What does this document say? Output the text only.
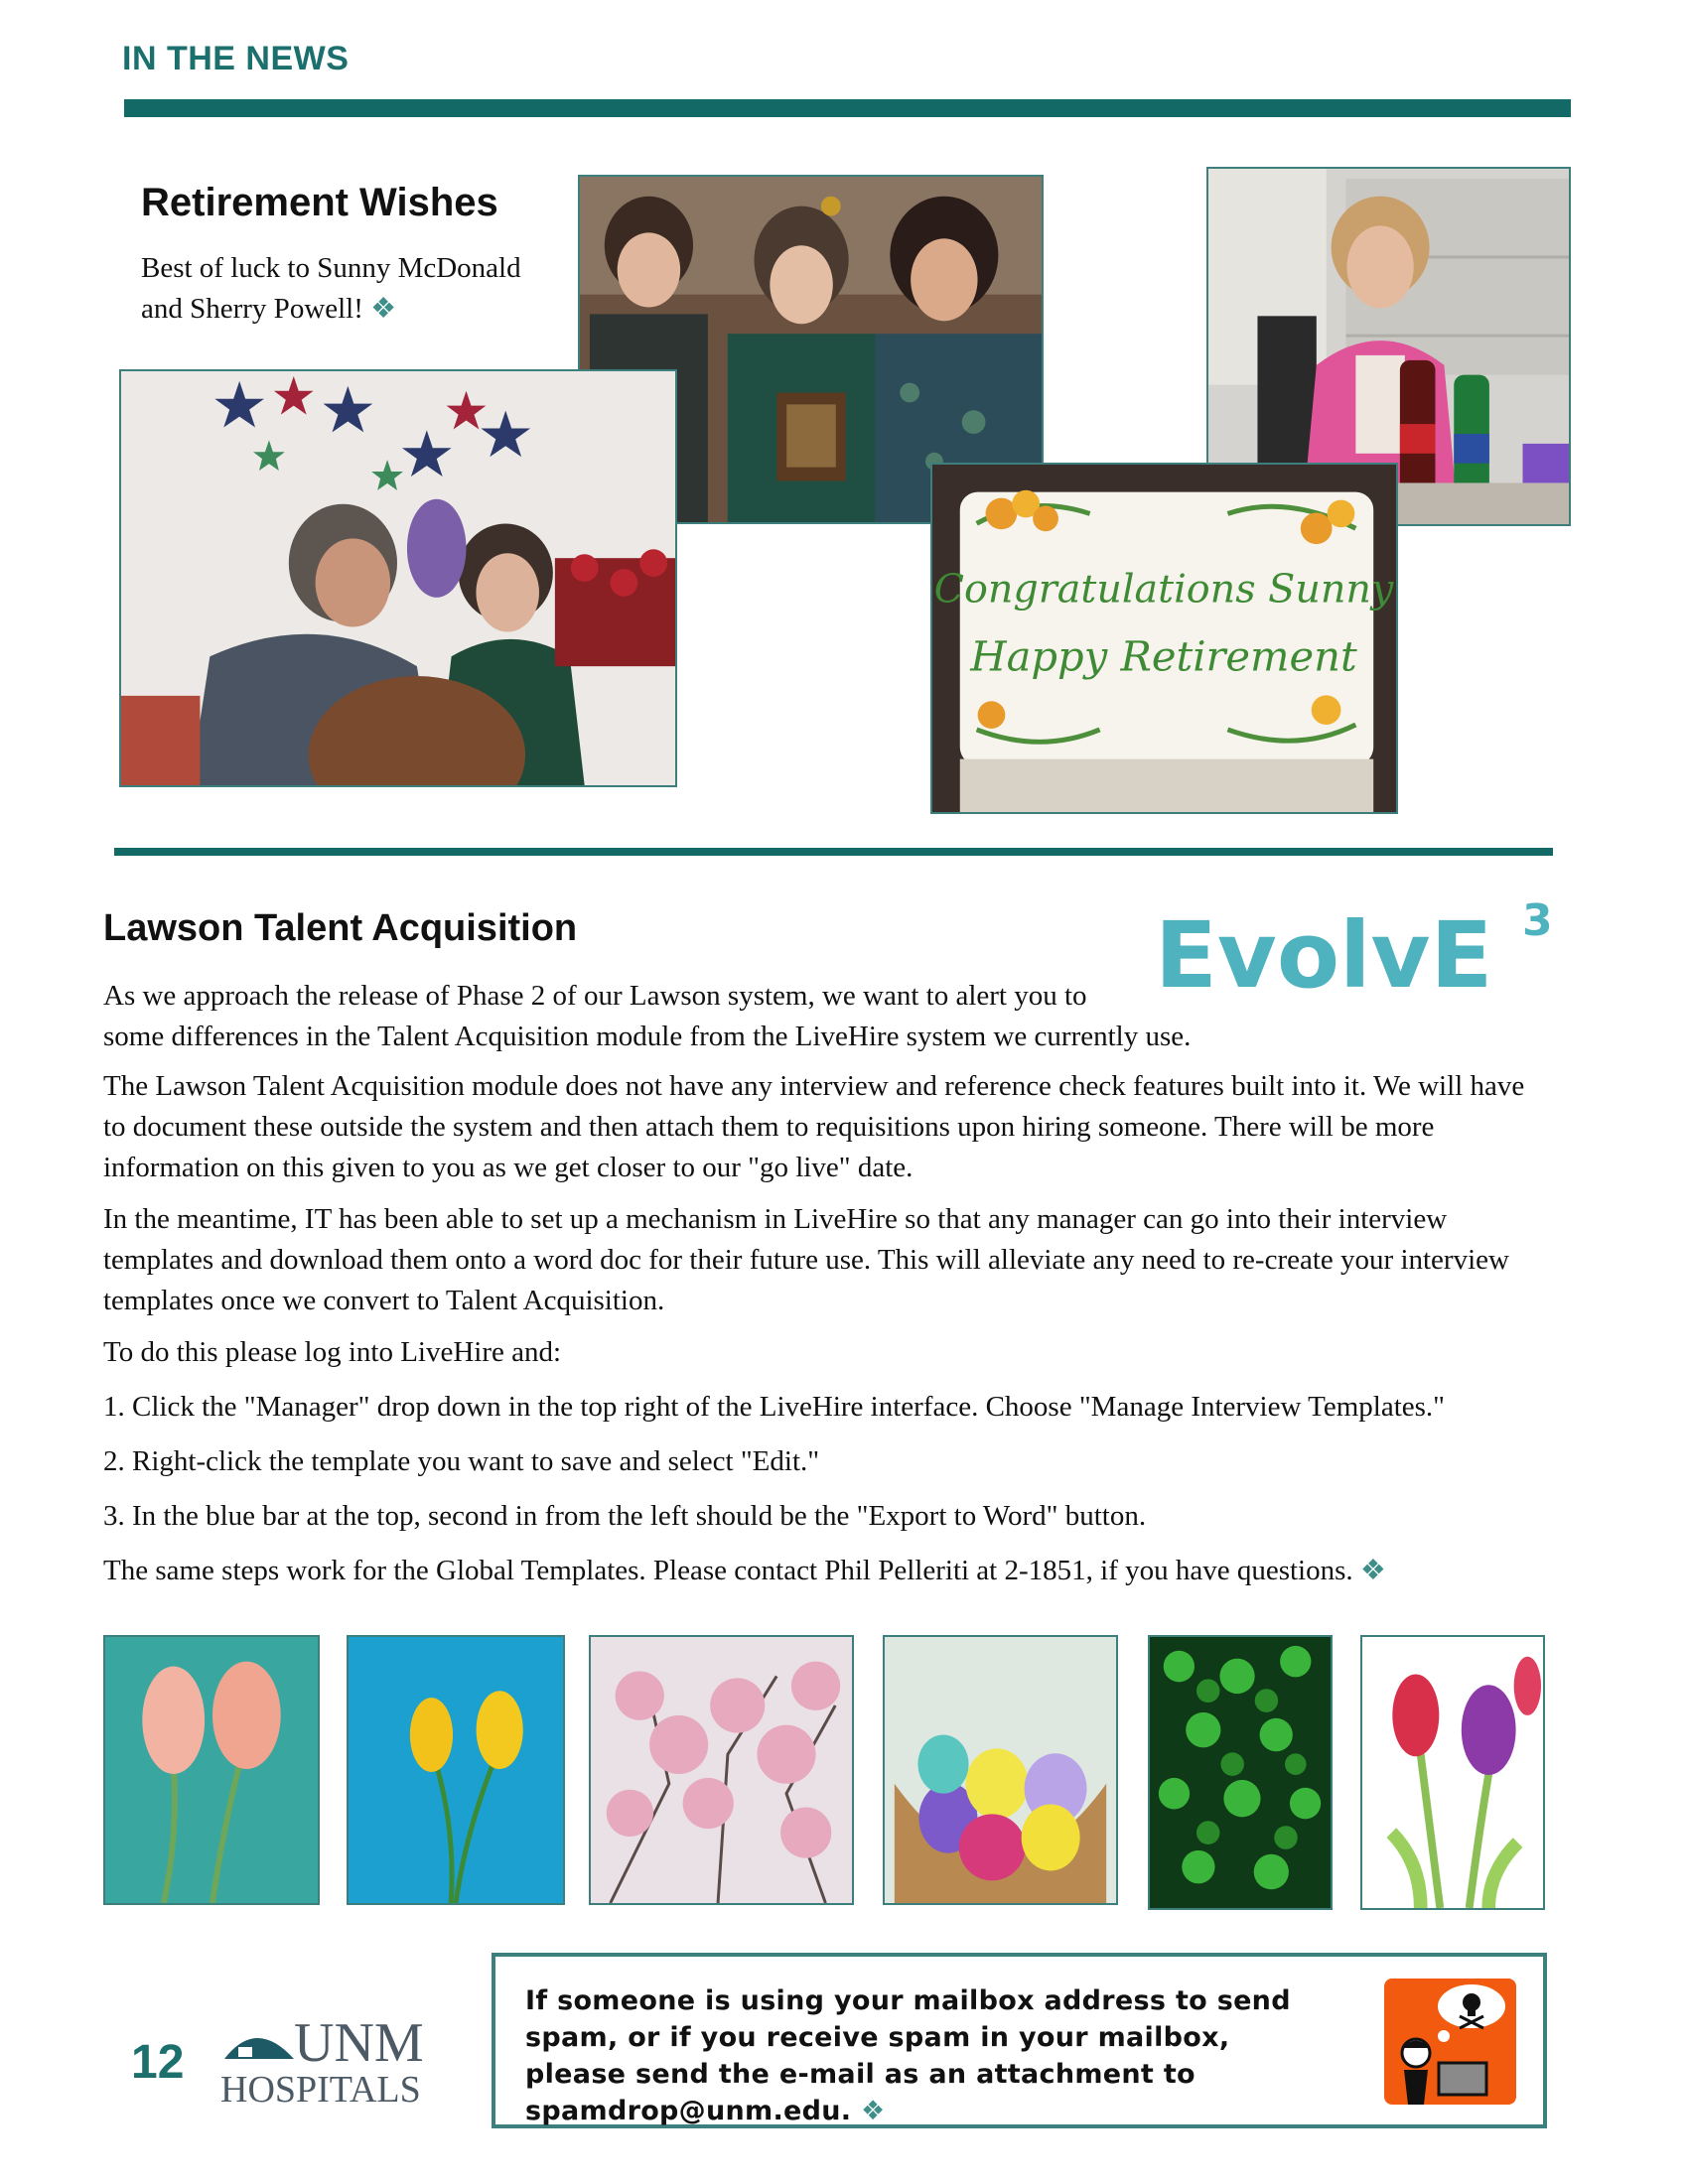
IN THE NEWS
Retirement Wishes
Best of luck to Sunny McDonald
and Sherry Powell! ❖
Congratulations Sunny
Happy Retirement
Lawson Talent Acquisition	EvolvE 3

As we approach the release of Phase 2 of our Lawson system, we want to alert you to
some differences in the Talent Acquisition module from the LiveHire system we currently use.

The Lawson Talent Acquisition module does not have any interview and reference check features built into it. We will have to document these outside the system and then attach them to requisitions upon hiring someone. There will be more information on this given to you as we get closer to our "go live" date.

In the meantime, IT has been able to set up a mechanism in LiveHire so that any manager can go into their interview templates and download them onto a word doc for their future use. This will alleviate any need to re-create your interview templates once we convert to Talent Acquisition.

To do this please log into LiveHire and:

1. Click the "Manager" drop down in the top right of the LiveHire interface. Choose "Manage Interview Templates."

2. Right-click the template you want to save and select "Edit."

3. In the blue bar at the top, second in from the left should be the "Export to Word" button.

The same steps work for the Global Templates. Please contact Phil Pelleriti at 2-1851, if you have questions. ❖

12 UNM
HOSPITALS
If someone is using your mailbox address to send spam, or if you receive spam in your mailbox, please send the e-mail as an attachment to spamdrop@unm.edu. ❖
